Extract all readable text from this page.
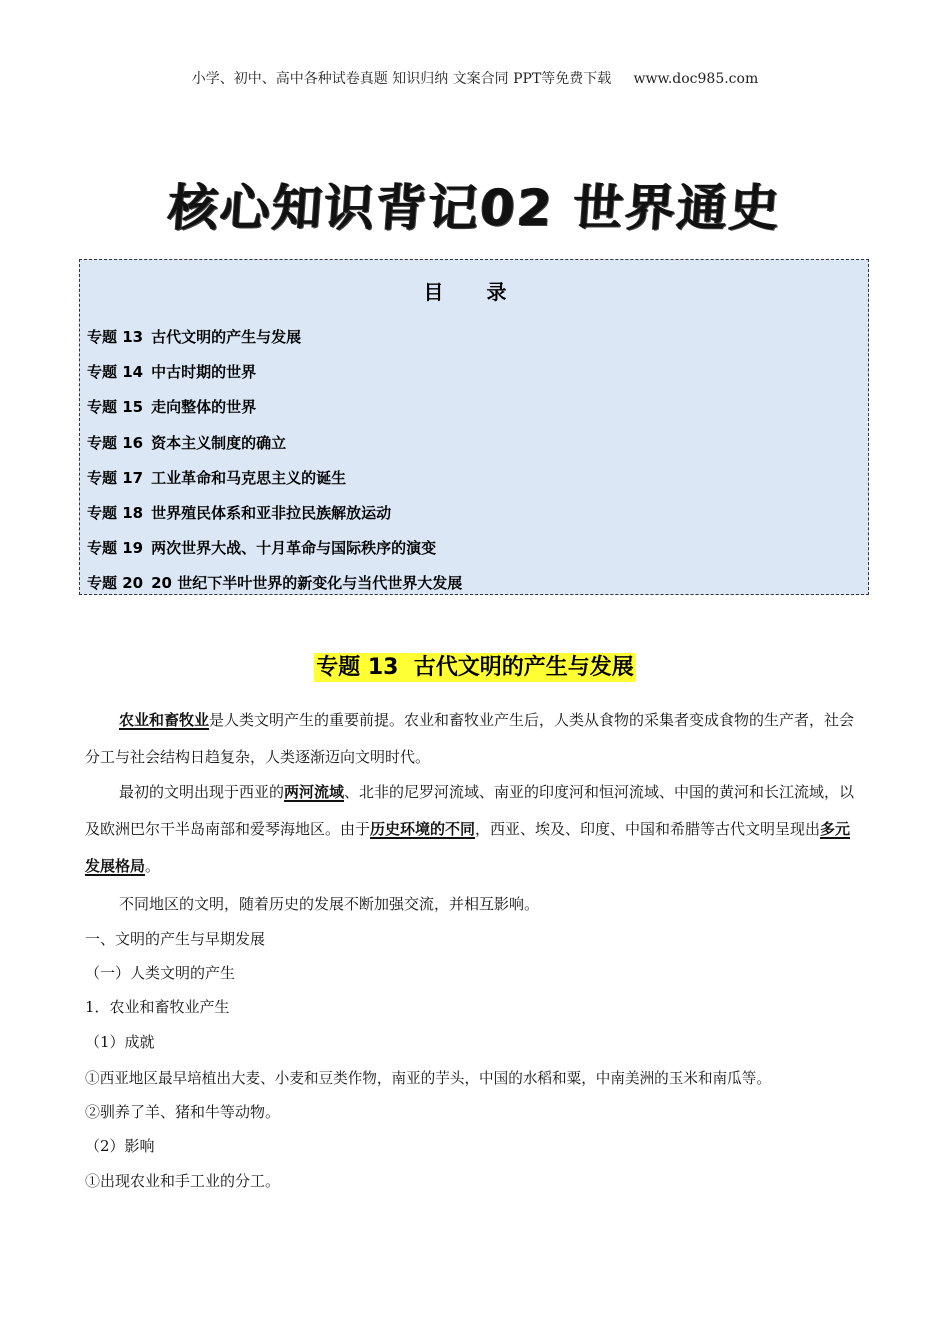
小学、初中、高中各种试卷真题 知识归纳 文案合同 PPT等免费下载     www.doc985.com
核心知识背记02 世界通史
目 录
专题 13 古代文明的产生与发展
专题 14 中古时期的世界
专题 15 走向整体的世界
专题 16 资本主义制度的确立
专题 17 工业革命和马克思主义的诞生
专题 18 世界殖民体系和亚非拉民族解放运动
专题 19 两次世界大战、十月革命与国际秩序的演变
专题 20 20 世纪下半叶世界的新变化与当代世界大发展
专题 13  古代文明的产生与发展
农业和畜牧业是人类文明产生的重要前提。农业和畜牧业产生后，人类从食物的采集者变成食物的生产者，社会分工与社会结构日趋复杂，人类逐渐迈向文明时代。
最初的文明出现于西亚的两河流域、北非的尼罗河流域、南亚的印度河和恒河流域、中国的黄河和长江流域，以及欧洲巴尔干半岛南部和爱琴海地区。由于历史环境的不同，西亚、埃及、印度、中国和希腊等古代文明呈现出多元发展格局。
不同地区的文明，随着历史的发展不断加强交流，并相互影响。
一、文明的产生与早期发展
（一）人类文明的产生
1．农业和畜牧业产生
（1）成就
①西亚地区最早培植出大麦、小麦和豆类作物，南亚的芋头，中国的水稻和粟，中南美洲的玉米和南瓜等。
②驯养了羊、猪和牛等动物。
（2）影响
①出现农业和手工业的分工。
